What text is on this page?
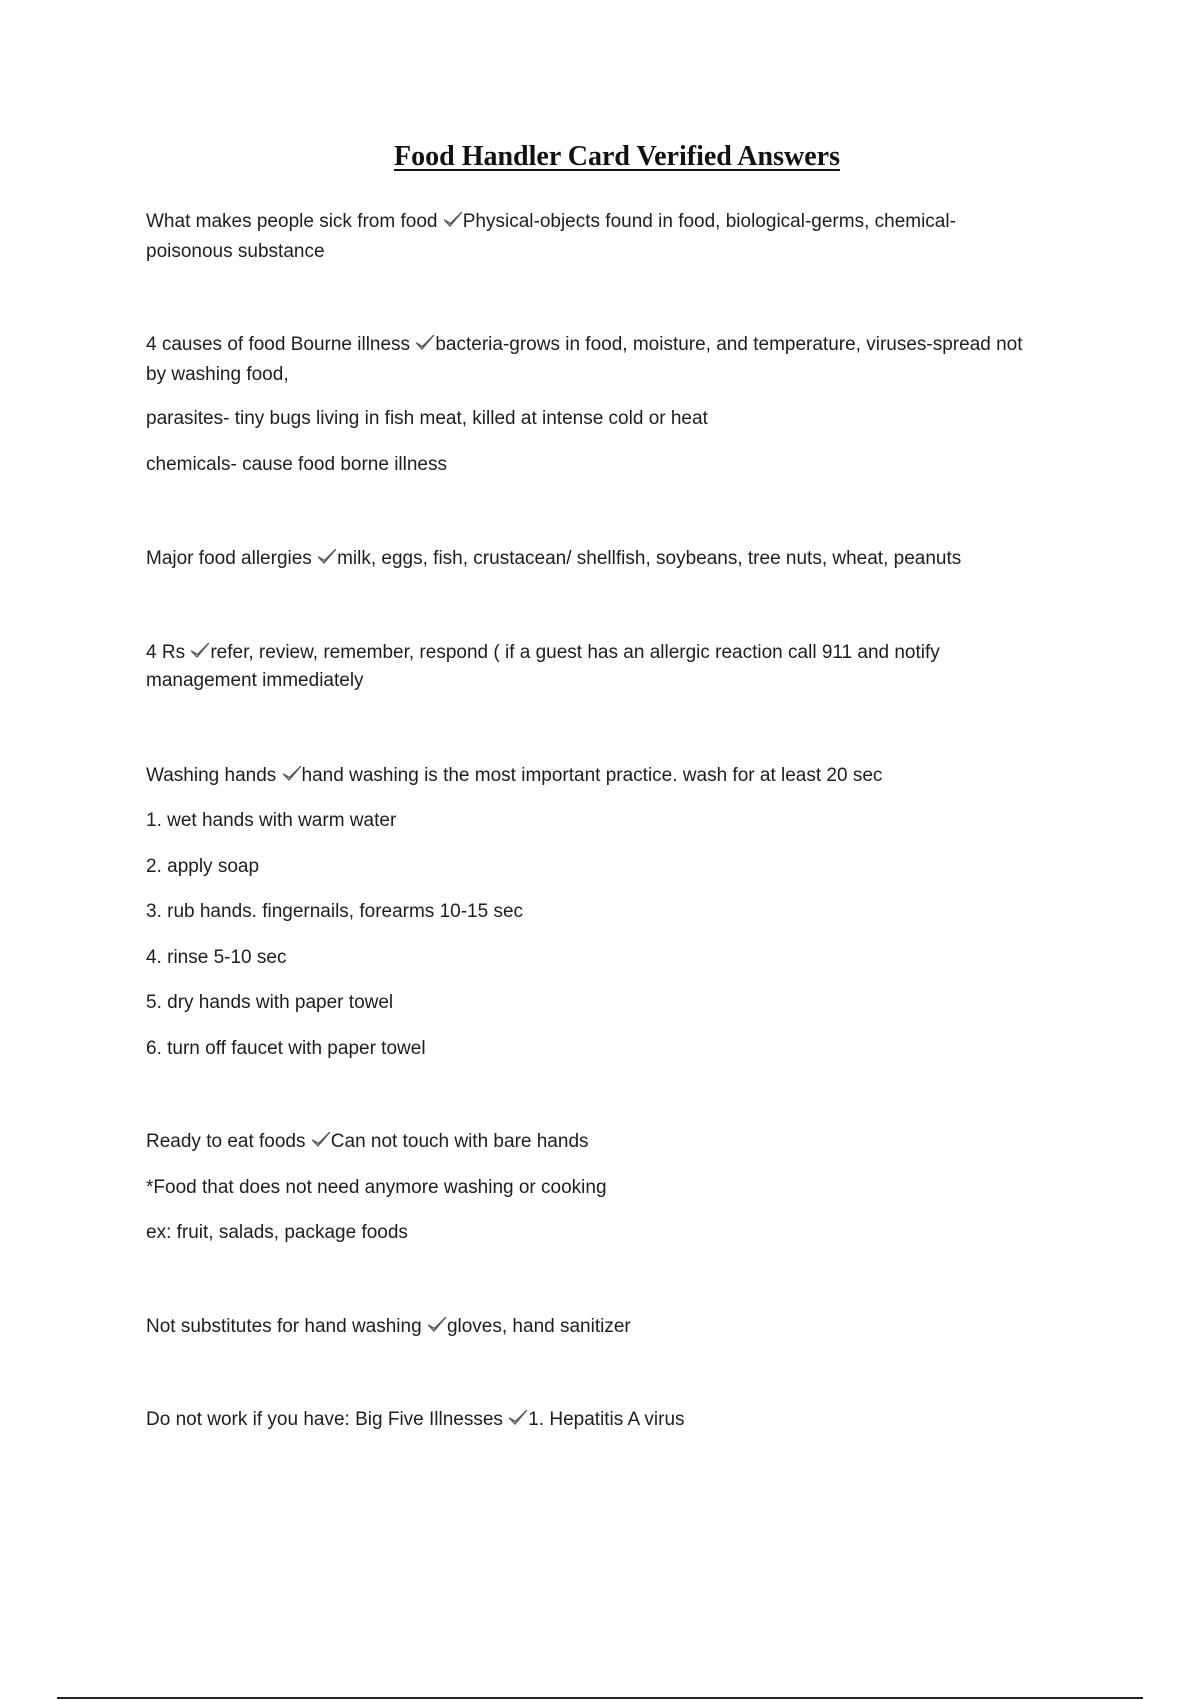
Food Handler Card Verified Answers
What makes people sick from food Physical-objects found in food, biological-germs, chemical-
poisonous substance
4 causes of food Bourne illness bacteria-grows in food, moisture, and temperature, viruses-spread not
by washing food,
parasites- tiny bugs living in fish meat, killed at intense cold or heat
chemicals- cause food borne illness
Major food allergies milk, eggs, fish, crustacean/ shellfish, soybeans, tree nuts, wheat, peanuts
4 Rs refer, review, remember, respond ( if a guest has an allergic reaction call 911 and notify
management immediately
Washing hands hand washing is the most important practice. wash for at least 20 sec
1. wet hands with warm water
2. apply soap
3. rub hands. fingernails, forearms 10-15 sec
4. rinse 5-10 sec
5. dry hands with paper towel
6. turn off faucet with paper towel
Ready to eat foods Can not touch with bare hands
*Food that does not need anymore washing or cooking
ex: fruit, salads, package foods
Not substitutes for hand washing gloves, hand sanitizer
Do not work if you have: Big Five Illnesses 1. Hepatitis A virus
